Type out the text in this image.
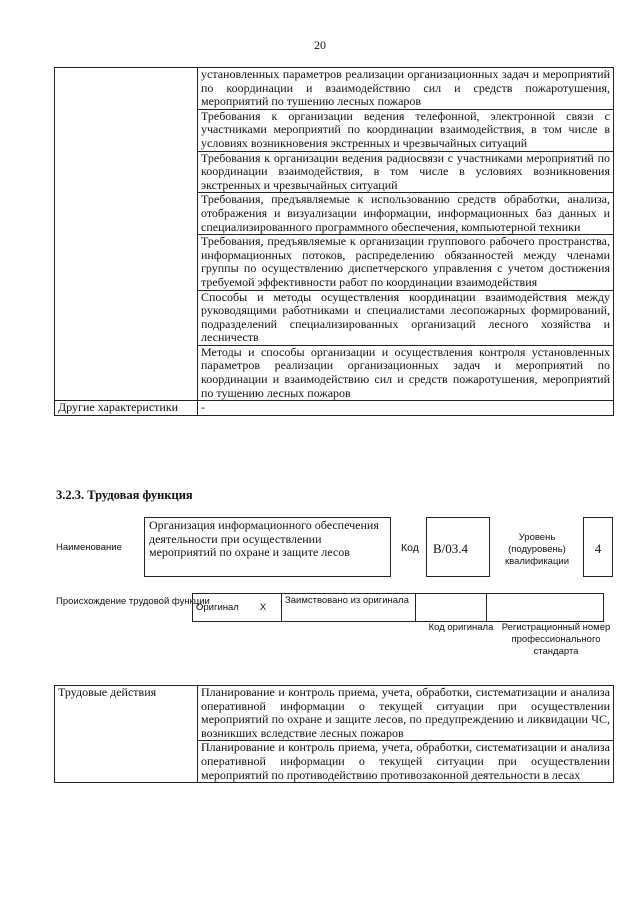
20
	установленных параметров реализации организационных задач и мероприятий по координации и взаимодействию сил и средств пожаротушения, мероприятий по тушению лесных пожаров
	Требования к организации ведения телефонной, электронной связи с участниками мероприятий по координации взаимодействия, в том числе в условиях возникновения экстренных и чрезвычайных ситуаций
	Требования к организации ведения радиосвязи с участниками мероприятий по координации взаимодействия, в том числе в условиях возникновения экстренных и чрезвычайных ситуаций
	Требования, предъявляемые к использованию средств обработки, анализа, отображения и визуализации информации, информационных баз данных и специализированного программного обеспечения, компьютерной техники
	Требования, предъявляемые к организации группового рабочего пространства, информационных потоков, распределению обязанностей между членами группы по осуществлению диспетчерского управления с учетом достижения требуемой эффективности работ по координации взаимодействия
	Способы и методы осуществления координации взаимодействия между руководящими работниками и специалистами лесопожарных формирований, подразделений специализированных организаций лесного хозяйства и лесничеств
	Методы и способы организации и осуществления контроля установленных параметров реализации организационных задач и мероприятий по координации и взаимодействию сил и средств пожаротушения, мероприятий по тушению лесных пожаров
Другие характеристики	-
3.2.3. Трудовая функция
Наименование
Организация информационного обеспечения деятельности при осуществлении мероприятий по охране и защите лесов	Код	B/03.4
Уровень (подуровень) квалификации
4
Происхождение трудовой функции
Оригинал	X	Заимствовано из оригинала		
Код оригинала Регистрационный номер профессионального стандарта
Трудовые действия	Планирование и контроль приема, учета, обработки, систематизации и анализа оперативной информации о текущей ситуации при осуществлении мероприятий по охране и защите лесов, по предупреждению и ликвидации ЧС, возникших вследствие лесных пожаров
Планирование и контроль приема, учета, обработки, систематизации и анализа оперативной информации о текущей ситуации при осуществлении мероприятий по противодействию противозаконной деятельности в лесах
